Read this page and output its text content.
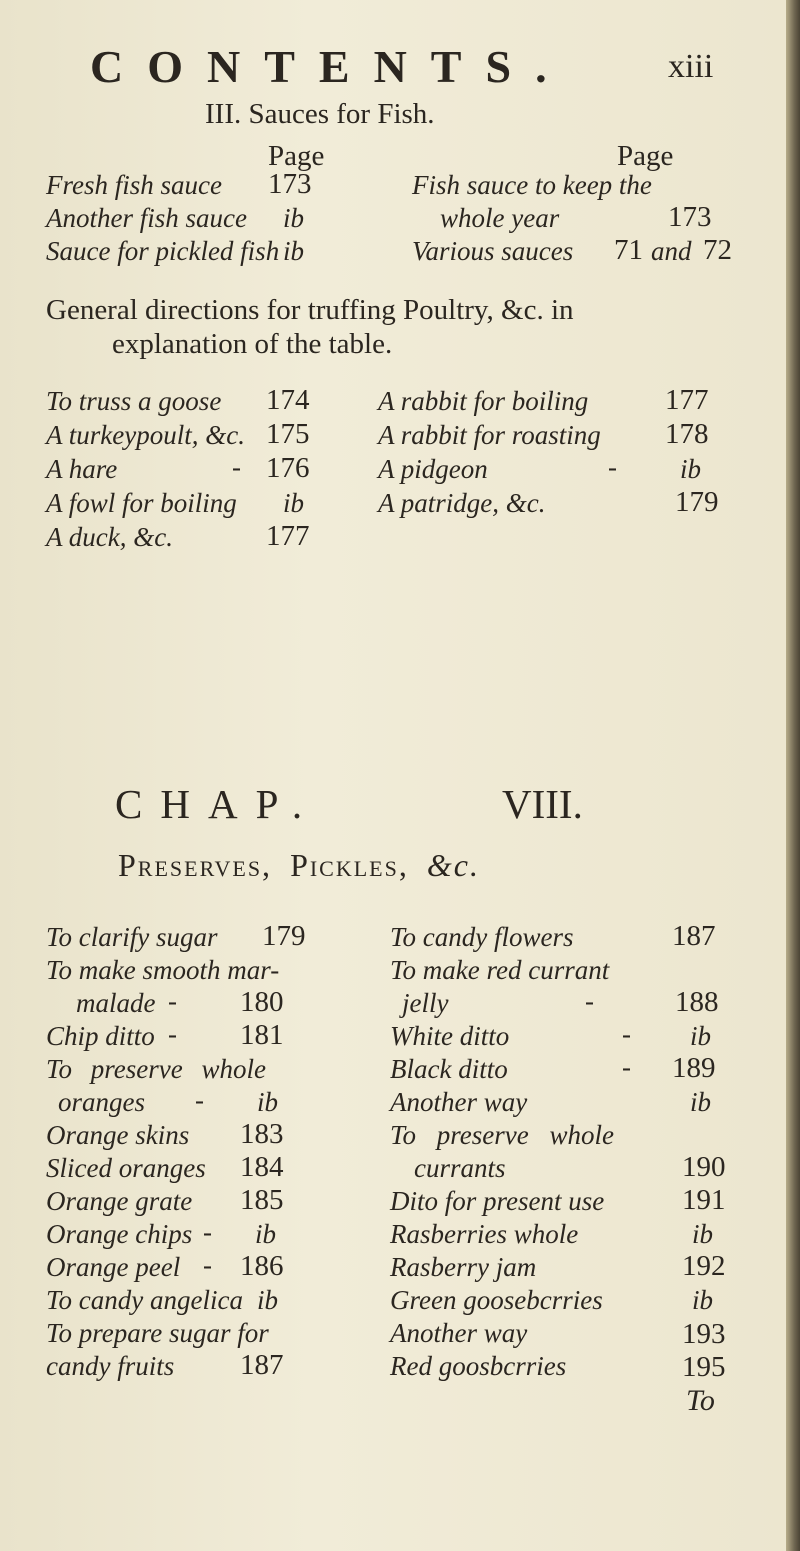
CONTENTS.	xiii
III. Sauces for Fish.
Page	Page
Fresh fish sauce 173
Another fish sauce ib
Sauce for pickled fish ib
Fish sauce to keep the
whole year	173
Various sauces 71 and 72
General directions for truffing Poultry, &c. in
explanation of the table.
To truss a goose 174
A turkeypoult, &c. 175
A hare	- 176
A fowl for boiling ib
A duck, &c.	177
A rabbit for boiling	177
A rabbit for roasting 178
A pidgeon	- ib
A patridge, &c.	179
CHAP.	VIII.
Preserves, Pickles, &c.
To clarify sugar 179
To make smooth mar-
malade - 180
Chip ditto - 181
To preserve whole
oranges - ib
Orange skins 183
Sliced oranges 184
Orange grate 185
Orange chips - ib
Orange peel - 186
To candy angelica ib
To prepare sugar for
candy fruits 187
To candy flowers	187
To make red currant
jelly	-	188
White ditto	- ib
Black ditto	- 189
Another way	ib
To preserve whole
currants	190
Dito for present use	191
Rasberries whole	ib
Rasberry jam	192
Green goosebcrries	ib
Another way	193
Red goosbcrries	195
To
